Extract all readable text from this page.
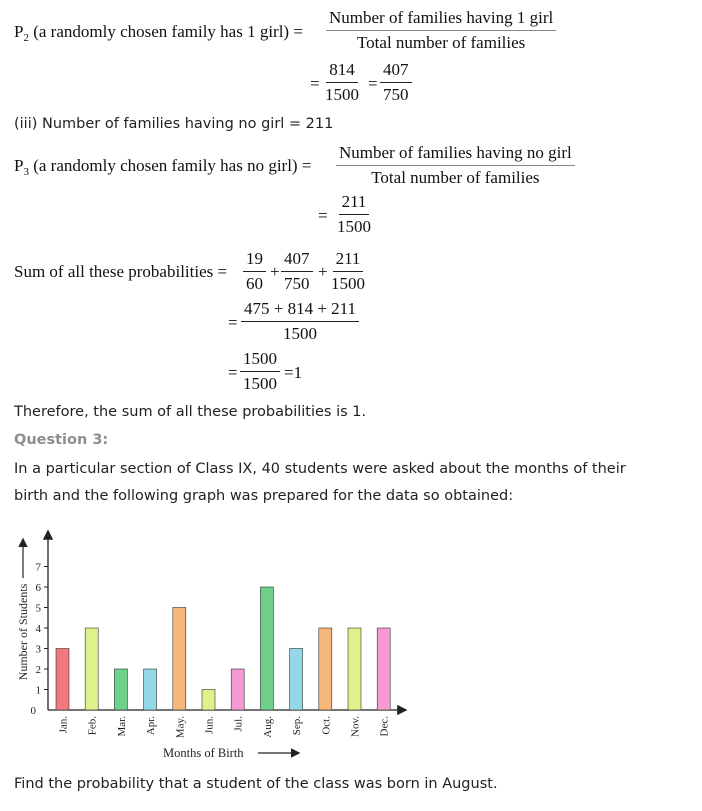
$P_2$ (a randomly chosen family has 1 girl) =
Number of families having 1 girl
Total number of families
= $\frac{814}{1500} = \frac{407}{750}$
(iii) Number of families having no girl = 211
$P_3$ (a randomly chosen family has no girl) =
Number of families having no girl
Total number of families
= $\frac{211}{1500}$
Sum of all these probabilities = $\frac{19}{60} + \frac{407}{750} + \frac{211}{1500}$
= $\frac{475 + 814 + 211}{1500}$
= $\frac{1500}{1500} =1$
Therefore, the sum of all these probabilities is 1.
Question 3:
In a particular section of Class IX, 40 students were asked about the months of their
birth and the following graph was prepared for the data so obtained:
0
1
2
3
4
5
6
7
Number of Students
Jan. Feb. Mar. Apr. May. Jun. Jul. Aug. Sep. Oct. Nov. Dec.
Months of Birth
Find the probability that a student of the class was born in August.
